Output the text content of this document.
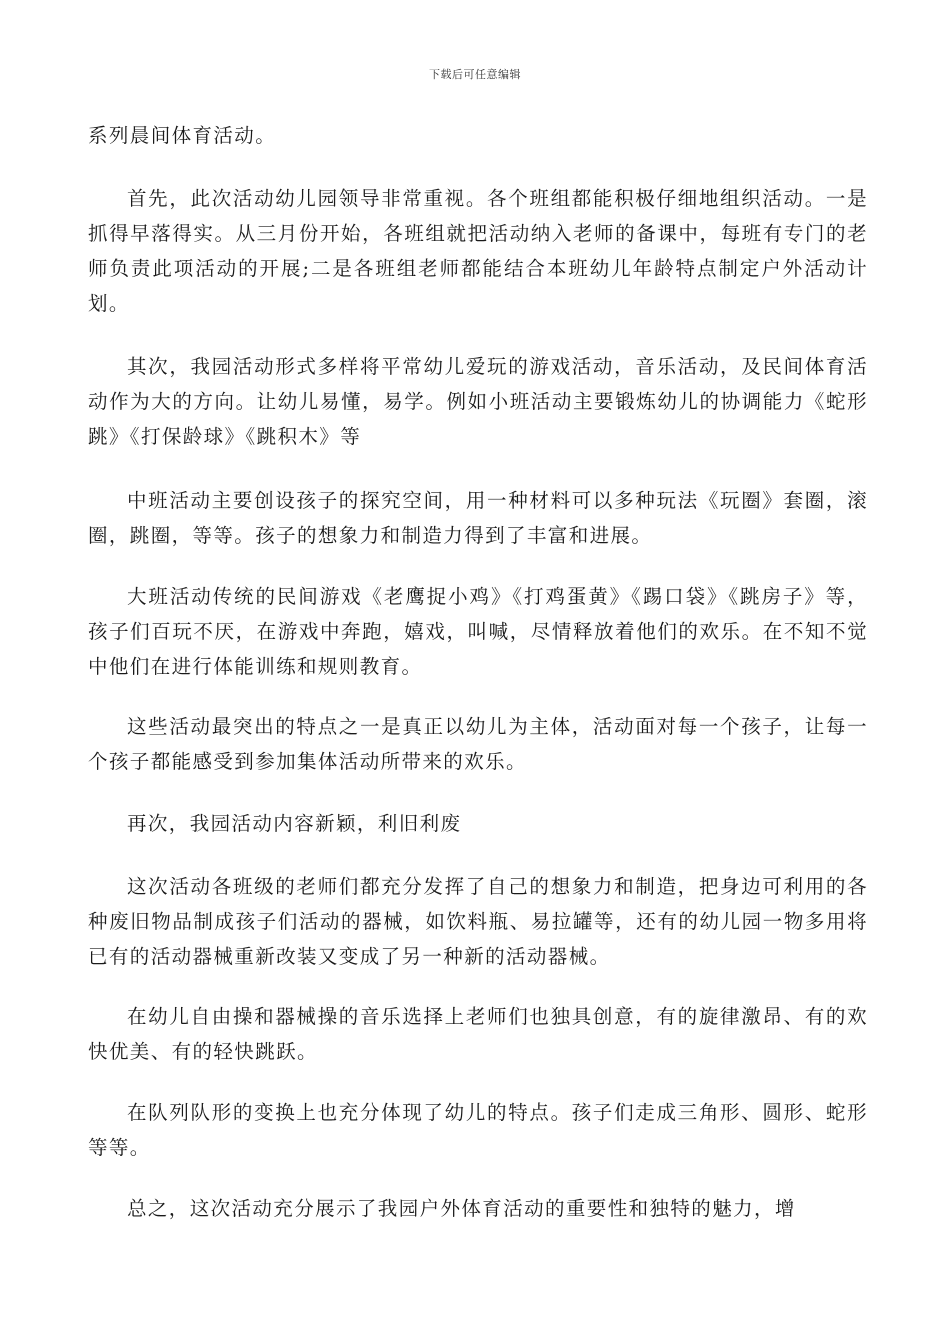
下载后可任意编辑

系列晨间体育活动。

首先，此次活动幼儿园领导非常重视。各个班组都能积极仔细地组织活动。一是抓得早落得实。从三月份开始，各班组就把活动纳入老师的备课中，每班有专门的老师负责此项活动的开展;二是各班组老师都能结合本班幼儿年龄特点制定户外活动计划。

其次，我园活动形式多样将平常幼儿爱玩的游戏活动，音乐活动，及民间体育活动作为大的方向。让幼儿易懂，易学。例如小班活动主要锻炼幼儿的协调能力《蛇形跳》《打保龄球》《跳积木》等

中班活动主要创设孩子的探究空间，用一种材料可以多种玩法《玩圈》套圈，滚圈，跳圈，等等。孩子的想象力和制造力得到了丰富和进展。

大班活动传统的民间游戏《老鹰捉小鸡》《打鸡蛋黄》《踢口袋》《跳房子》等，孩子们百玩不厌，在游戏中奔跑，嬉戏，叫喊，尽情释放着他们的欢乐。在不知不觉中他们在进行体能训练和规则教育。

这些活动最突出的特点之一是真正以幼儿为主体，活动面对每一个孩子，让每一个孩子都能感受到参加集体活动所带来的欢乐。

再次，我园活动内容新颖，利旧利废

这次活动各班级的老师们都充分发挥了自己的想象力和制造，把身边可利用的各种废旧物品制成孩子们活动的器械，如饮料瓶、易拉罐等，还有的幼儿园一物多用将已有的活动器械重新改装又变成了另一种新的活动器械。

在幼儿自由操和器械操的音乐选择上老师们也独具创意，有的旋律激昂、有的欢快优美、有的轻快跳跃。

在队列队形的变换上也充分体现了幼儿的特点。孩子们走成三角形、圆形、蛇形等等。

总之，这次活动充分展示了我园户外体育活动的重要性和独特的魅力，增
